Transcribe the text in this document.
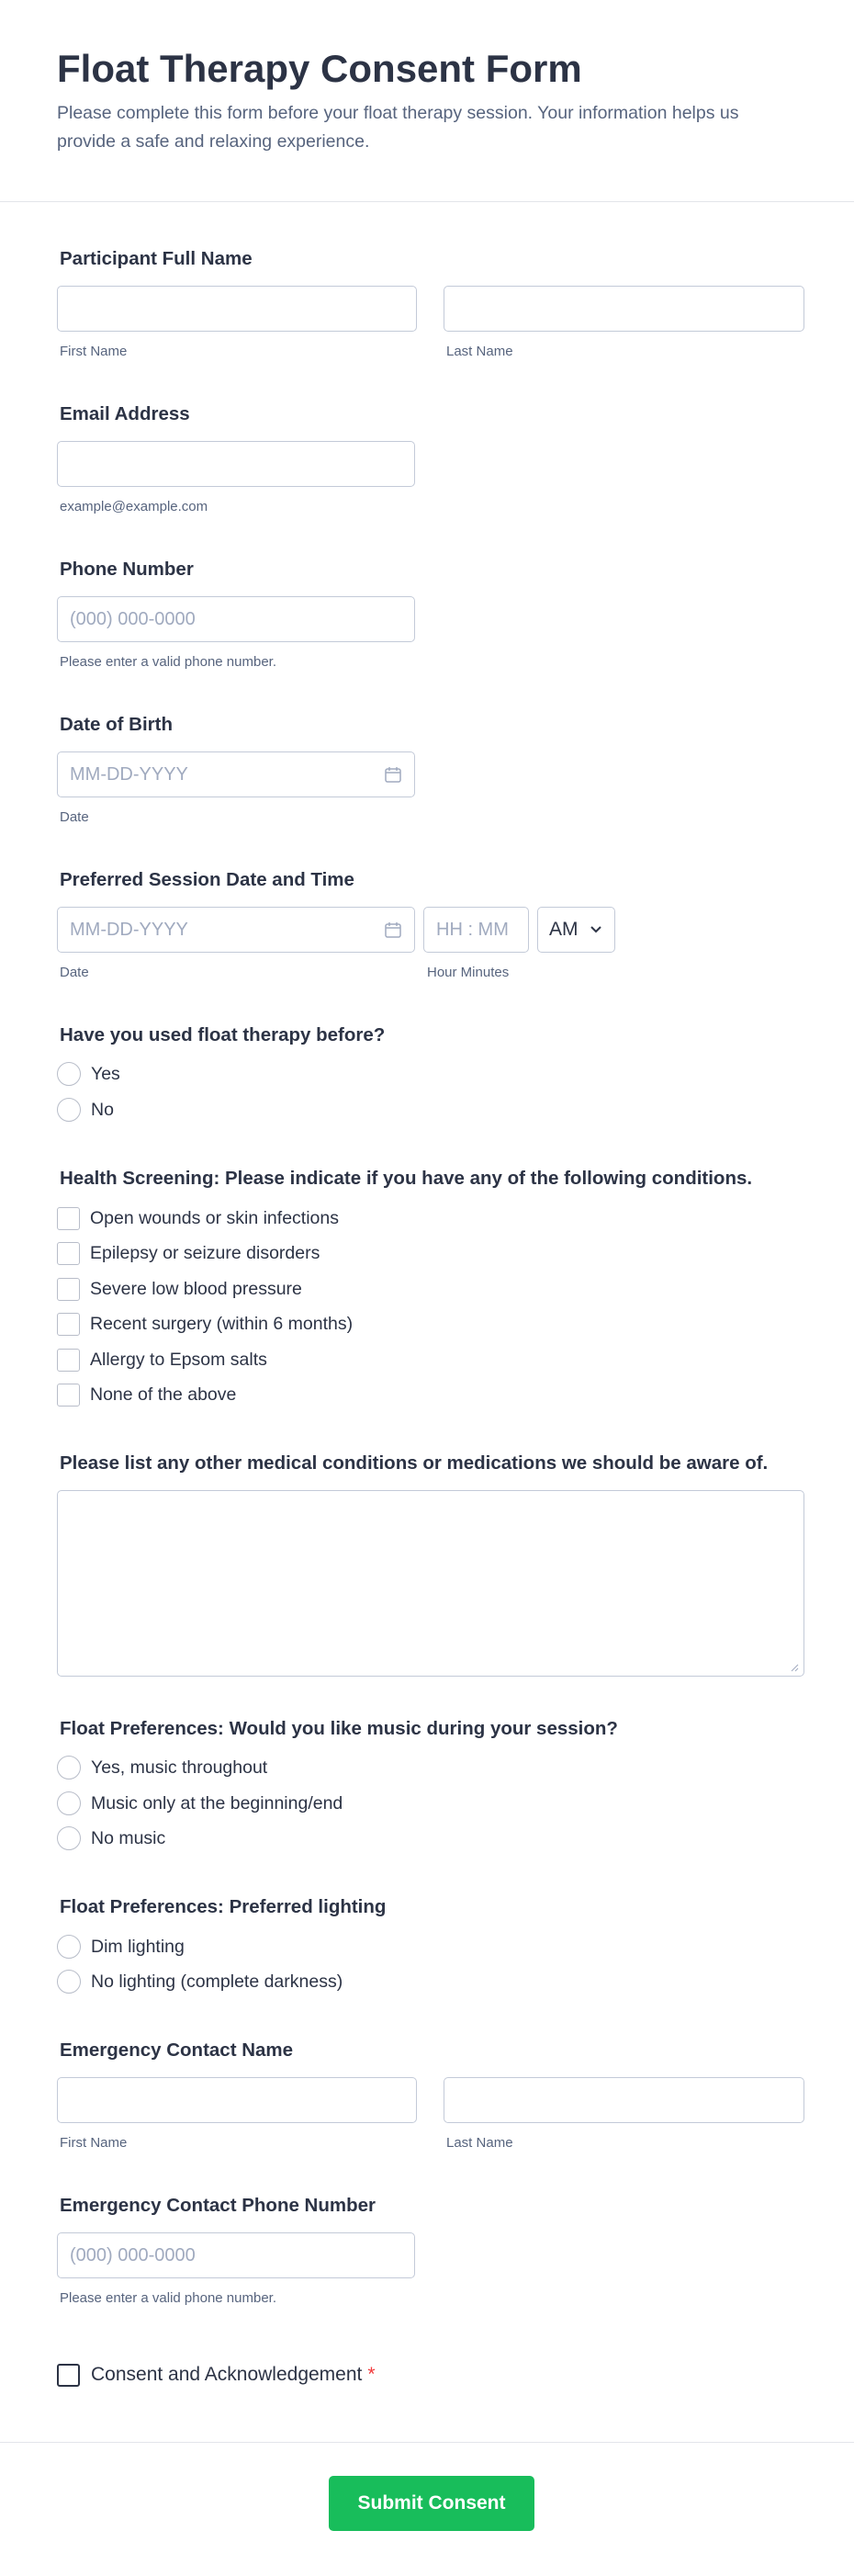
Float Therapy Consent Form

Please complete this form before your float therapy session. Your information helps us provide a safe and relaxing experience.

Participant Full Name
First Name	Last Name
Email Address
example@example.com
Phone Number
(000) 000-0000
Please enter a valid phone number.
Date of Birth
MM-DD-YYYY
Date
Preferred Session Date and Time
MM-DD-YYYY
HH : MM
AM
Date	Hour Minutes
Have you used float therapy before?
Yes
No
Health Screening: Please indicate if you have any of the following conditions.
Open wounds or skin infections
Epilepsy or seizure disorders
Severe low blood pressure
Recent surgery (within 6 months)
Allergy to Epsom salts
None of the above
Please list any other medical conditions or medications we should be aware of.
Float Preferences: Would you like music during your session?
Yes, music throughout
Music only at the beginning/end
No music
Float Preferences: Preferred lighting
Dim lighting
No lighting (complete darkness)
Emergency Contact Name
First Name	Last Name
Emergency Contact Phone Number
(000) 000-0000
Please enter a valid phone number.
Consent and Acknowledgement *
Submit Consent
